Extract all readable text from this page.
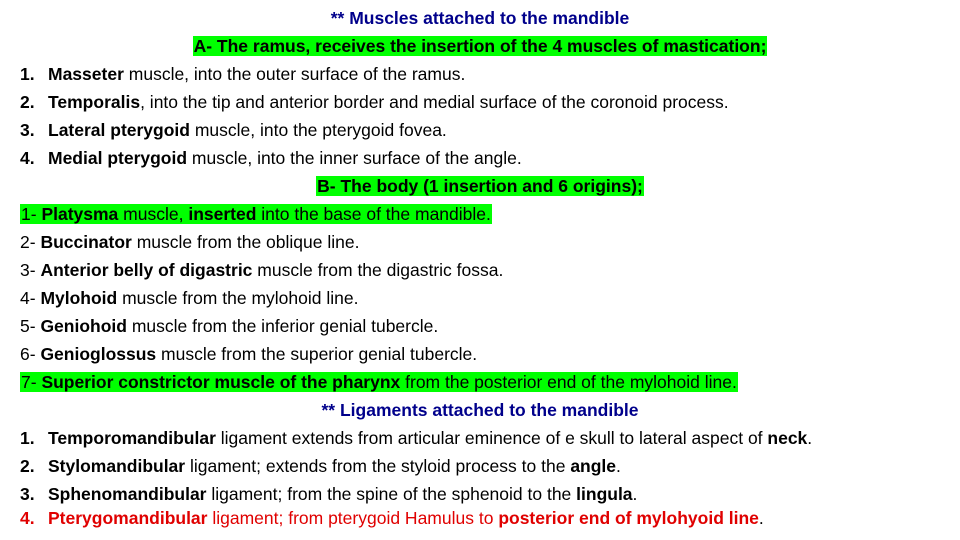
** Muscles attached to the mandible
A- The ramus, receives the insertion of the 4 muscles of mastication;
1. Masseter muscle, into the outer surface of the ramus.
2. Temporalis, into the tip and anterior border and medial surface of the coronoid process.
3. Lateral pterygoid muscle, into the pterygoid fovea.
4. Medial pterygoid muscle, into the inner surface of the angle.
B- The body (1 insertion and 6 origins);
1- Platysma muscle, inserted into the base of the mandible.
2- Buccinator muscle from the oblique line.
3- Anterior belly of digastric muscle from the digastric fossa.
4- Mylohoid muscle from the mylohoid line.
5- Geniohoid muscle from the inferior genial tubercle.
6- Genioglossus muscle from the superior genial tubercle.
7- Superior constrictor muscle of the pharynx from the posterior end of the mylohoid line.
** Ligaments attached to the mandible
1. Temporomandibular ligament extends from articular eminence of e skull to lateral aspect of neck.
2. Stylomandibular ligament; extends from the styloid process to the angle.
3. Sphenomandibular ligament; from the spine of the sphenoid to the lingula.
4. Pterygomandibular ligament; from pterygoid Hamulus to posterior end of mylohyoid line.
